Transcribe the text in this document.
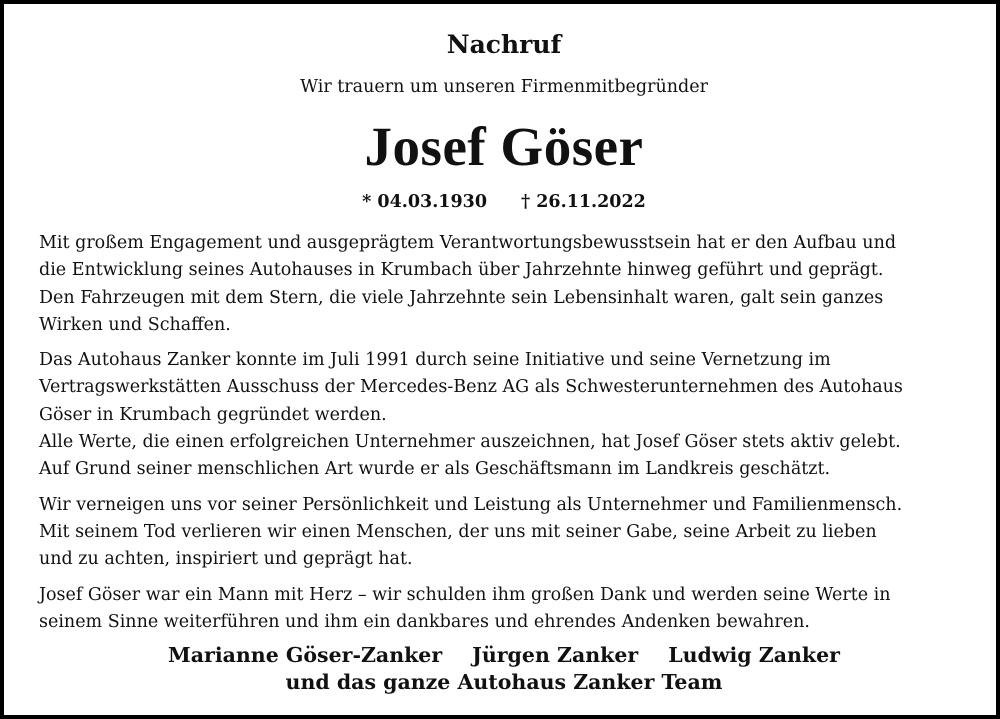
Nachruf
Wir trauern um unseren Firmenmitbegründer
Josef Göser
* 04.03.1930 † 26.11.2022

Mit großem Engagement und ausgeprägtem Verantwortungsbewusstsein hat er den Aufbau und
die Entwicklung seines Autohauses in Krumbach über Jahrzehnte hinweg geführt und geprägt.
Den Fahrzeugen mit dem Stern, die viele Jahrzehnte sein Lebensinhalt waren, galt sein ganzes
Wirken und Schaffen.

Das Autohaus Zanker konnte im Juli 1991 durch seine Initiative und seine Vernetzung im
Vertragswerkstätten Ausschuss der Mercedes-Benz AG als Schwesterunternehmen des Autohaus
Göser in Krumbach gegründet werden.
Alle Werte, die einen erfolgreichen Unternehmer auszeichnen, hat Josef Göser stets aktiv gelebt.
Auf Grund seiner menschlichen Art wurde er als Geschäftsmann im Landkreis geschätzt.

Wir verneigen uns vor seiner Persönlichkeit und Leistung als Unternehmer und Familienmensch.
Mit seinem Tod verlieren wir einen Menschen, der uns mit seiner Gabe, seine Arbeit zu lieben
und zu achten, inspiriert und geprägt hat.

Josef Göser war ein Mann mit Herz – wir schulden ihm großen Dank und werden seine Werte in
seinem Sinne weiterführen und ihm ein dankbares und ehrendes Andenken bewahren.

Marianne Göser-Zanker Jürgen Zanker Ludwig Zanker
und das ganze Autohaus Zanker Team
